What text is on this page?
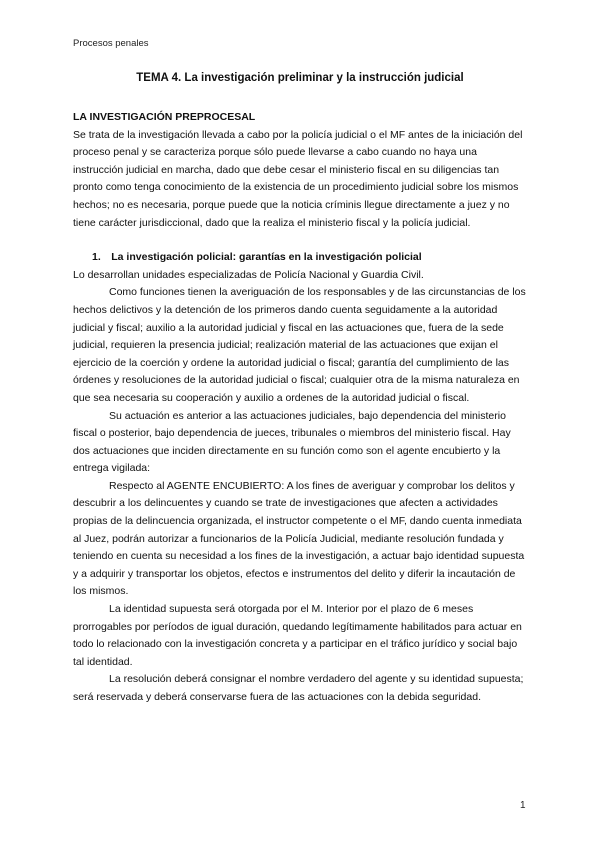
Procesos penales
TEMA 4. La investigación preliminar y la instrucción judicial

LA INVESTIGACIÓN PREPROCESAL

Se trata de la investigación llevada a cabo por la policía judicial o el MF antes de la iniciación del proceso penal y se caracteriza porque sólo puede llevarse a cabo cuando no haya una instrucción judicial en marcha, dado que debe cesar el ministerio fiscal en su diligencias tan pronto como tenga conocimiento de la existencia de un procedimiento judicial sobre los mismos hechos; no es necesaria, porque puede que la noticia críminis llegue directamente a juez y no tiene carácter jurisdiccional, dado que la realiza el ministerio fiscal y la policía judicial.

1. La investigación policial: garantías en la investigación policial

Lo desarrollan unidades especializadas de Policía Nacional y Guardia Civil.

Como funciones tienen la averiguación de los responsables y de las circunstancias de los hechos delictivos y la detención de los primeros dando cuenta seguidamente a la autoridad judicial y fiscal; auxilio a la autoridad judicial y fiscal en las actuaciones que, fuera de la sede judicial, requieren la presencia judicial; realización material de las actuaciones que exijan el ejercicio de la coerción y ordene la autoridad judicial o fiscal; garantía del cumplimiento de las órdenes y resoluciones de la autoridad judicial o fiscal; cualquier otra de la misma naturaleza en que sea necesaria su cooperación y auxilio a ordenes de la autoridad judicial o fiscal.

Su actuación es anterior a las actuaciones judiciales, bajo dependencia del ministerio fiscal o posterior, bajo dependencia de jueces, tribunales o miembros del ministerio fiscal. Hay dos actuaciones que inciden directamente en su función como son el agente encubierto y la entrega vigilada:

Respecto al AGENTE ENCUBIERTO: A los fines de averiguar y comprobar los delitos y descubrir a los delincuentes y cuando se trate de investigaciones que afecten a actividades propias de la delincuencia organizada, el instructor competente o el MF, dando cuenta inmediata al Juez, podrán autorizar a funcionarios de la Policía Judicial, mediante resolución fundada y teniendo en cuenta su necesidad a los fines de la investigación, a actuar bajo identidad supuesta y a adquirir y transportar los objetos, efectos e instrumentos del delito y diferir la incautación de los mismos.

La identidad supuesta será otorgada por el M. Interior por el plazo de 6 meses prorrogables por períodos de igual duración, quedando legítimamente habilitados para actuar en todo lo relacionado con la investigación concreta y a participar en el tráfico jurídico y social bajo tal identidad.

La resolución deberá consignar el nombre verdadero del agente y su identidad supuesta; será reservada y deberá conservarse fuera de las actuaciones con la debida seguridad.

1
